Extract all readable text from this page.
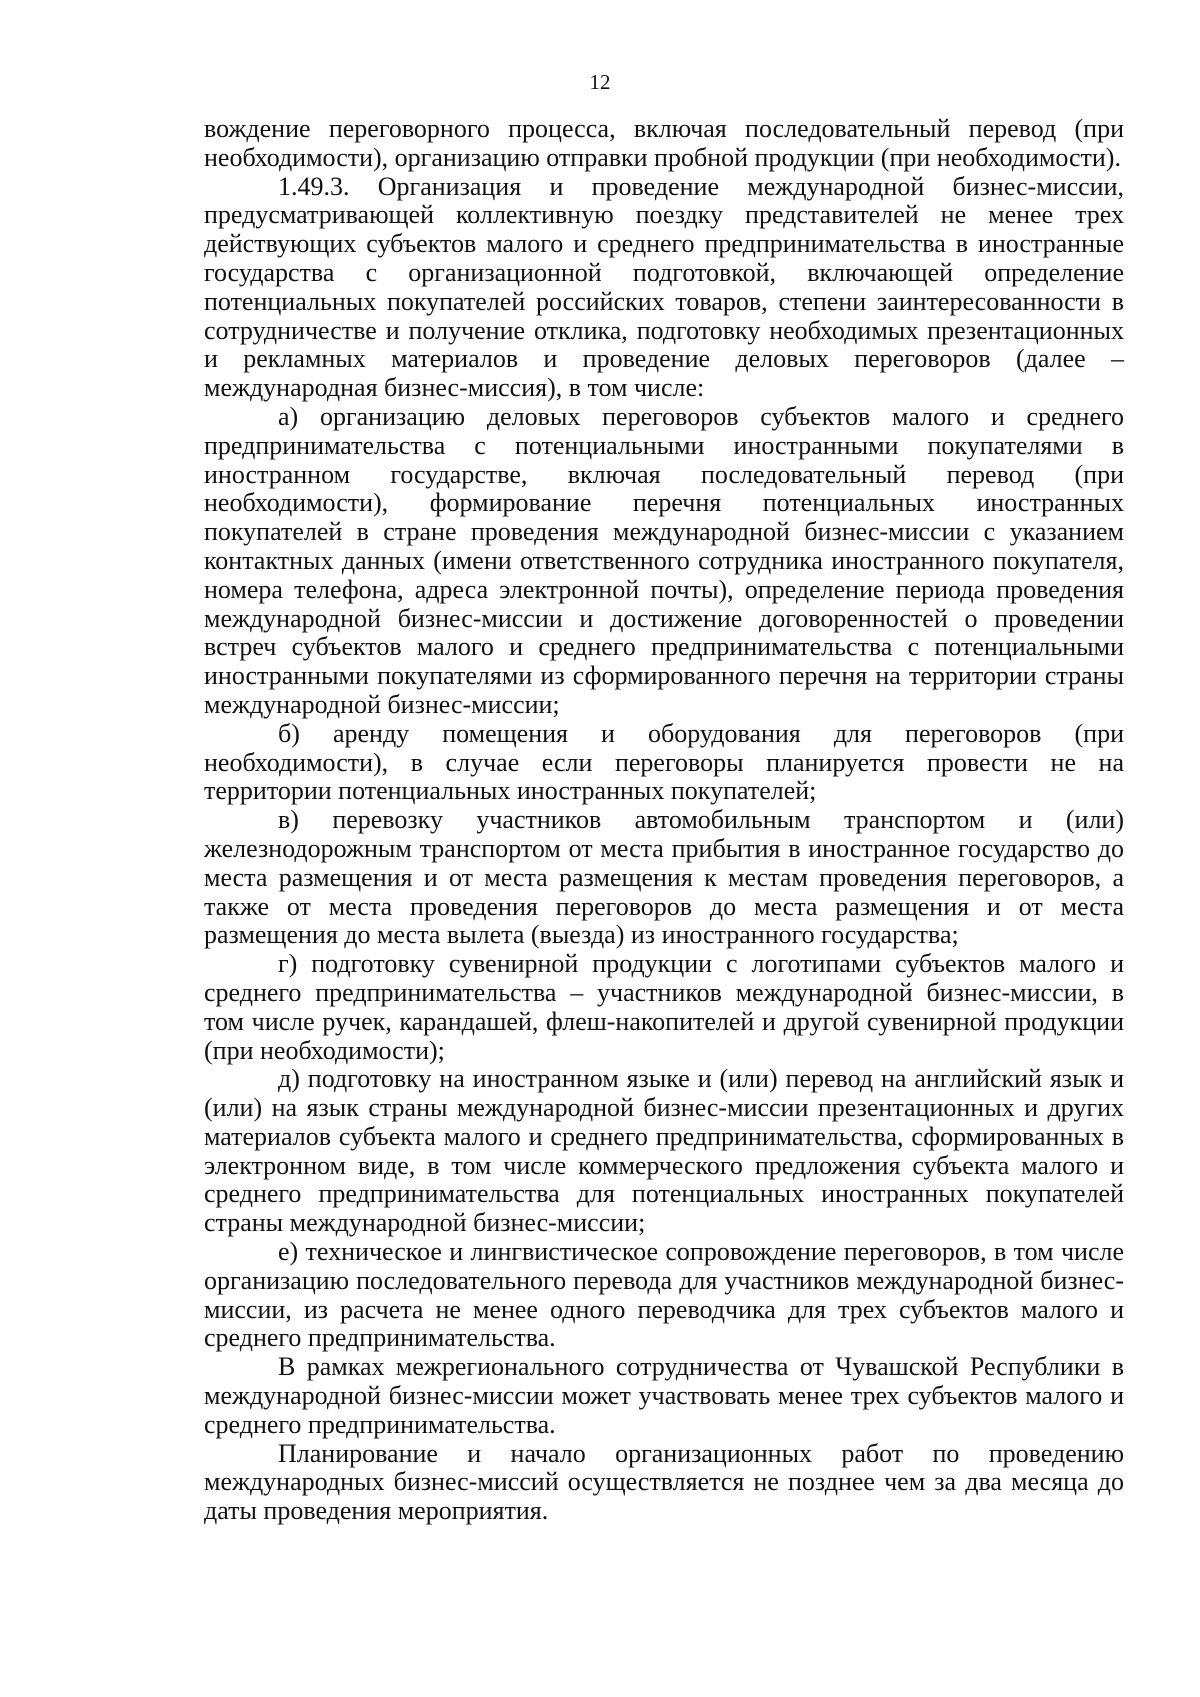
12

вождение переговорного процесса, включая последовательный перевод (при необходимости), организацию отправки пробной продукции (при необходимости).

1.49.3. Организация и проведение международной бизнес-миссии, предусматривающей коллективную поездку представителей не менее трех действующих субъектов малого и среднего предпринимательства в иностранные государства с организационной подготовкой, включающей определение потенциальных покупателей российских товаров, степени заинтересованности в сотрудничестве и получение отклика, подготовку необходимых презентационных и рекламных материалов и проведение деловых переговоров (далее – международная бизнес-миссия), в том числе:

а) организацию деловых переговоров субъектов малого и среднего предпринимательства с потенциальными иностранными покупателями в иностранном государстве, включая последовательный перевод (при необходимости), формирование перечня потенциальных иностранных покупателей в стране проведения международной бизнес-миссии с указанием контактных данных (имени ответственного сотрудника иностранного покупателя, номера телефона, адреса электронной почты), определение периода проведения международной бизнес-миссии и достижение договоренностей о проведении встреч субъектов малого и среднего предпринимательства с потенциальными иностранными покупателями из сформированного перечня на территории страны международной бизнес-миссии;

б) аренду помещения и оборудования для переговоров (при необходимости), в случае если переговоры планируется провести не на территории потенциальных иностранных покупателей;

в) перевозку участников автомобильным транспортом и (или) железнодорожным транспортом от места прибытия в иностранное государство до места размещения и от места размещения к местам проведения переговоров, а также от места проведения переговоров до места размещения и от места размещения до места вылета (выезда) из иностранного государства;

г) подготовку сувенирной продукции с логотипами субъектов малого и среднего предпринимательства – участников международной бизнес-миссии, в том числе ручек, карандашей, флеш-накопителей и другой сувенирной продукции (при необходимости);

д) подготовку на иностранном языке и (или) перевод на английский язык и (или) на язык страны международной бизнес-миссии презентационных и других материалов субъекта малого и среднего предпринимательства, сформированных в электронном виде, в том числе коммерческого предложения субъекта малого и среднего предпринимательства для потенциальных иностранных покупателей страны международной бизнес-миссии;

е) техническое и лингвистическое сопровождение переговоров, в том числе организацию последовательного перевода для участников международной бизнес-миссии, из расчета не менее одного переводчика для трех субъектов малого и среднего предпринимательства.

В рамках межрегионального сотрудничества от Чувашской Республики в международной бизнес-миссии может участвовать менее трех субъектов малого и среднего предпринимательства.

Планирование и начало организационных работ по проведению международных бизнес-миссий осуществляется не позднее чем за два месяца до даты проведения мероприятия.
